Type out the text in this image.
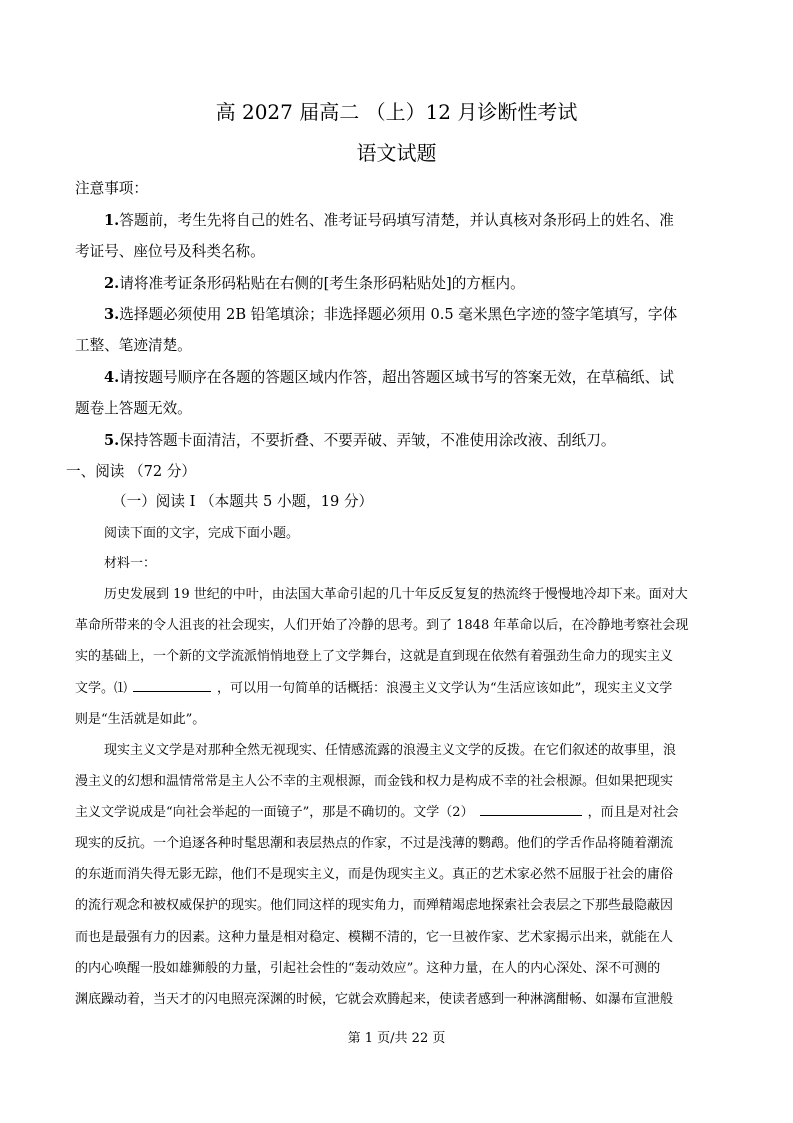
高 2027 届高二 （上）12 月诊断性考试
语文试题
注意事项：
1.答题前，考生先将自己的姓名、准考证号码填写清楚，并认真核对条形码上的姓名、准
考证号、座位号及科类名称。
2.请将准考证条形码粘贴在右侧的[考生条形码粘贴处]的方框内。
3.选择题必须使用 2B 铅笔填涂；非选择题必须用 0.5 毫米黑色字迹的签字笔填写，字体
工整、笔迹清楚。
4.请按题号顺序在各题的答题区域内作答，超出答题区域书写的答案无效，在草稿纸、试
题卷上答题无效。
5.保持答题卡面清洁，不要折叠、不要弄破、弄皱，不准使用涂改液、刮纸刀。
一、阅读 （72 分）
（一）阅读 I （本题共 5 小题，19 分）
阅读下面的文字，完成下面小题。
材料一：
历史发展到 19 世纪的中叶，由法国大革命引起的几十年反反复复的热流终于慢慢地冷却下来。面对大
革命所带来的令人沮丧的社会现实，人们开始了冷静的思考。到了 1848 年革命以后，在冷静地考察社会现
实的基础上，一个新的文学流派悄悄地登上了文学舞台，这就是直到现在依然有着强劲生命力的现实主义
文学。⑴	，可以用一句简单的话概括：浪漫主义文学认为“生活应该如此”，现实主义文学
则是“生活就是如此”。
现实主义文学是对那种全然无视现实、任情感流露的浪漫主义文学的反拨。在它们叙述的故事里，浪
漫主义的幻想和温情常常是主人公不幸的主观根源，而金钱和权力是构成不幸的社会根源。但如果把现实
主义文学说成是“向社会举起的一面镜子”，那是不确切的。文学（2）	，而且是对社会
现实的反抗。一个追逐各种时髦思潮和表层热点的作家，不过是浅薄的鹦鹉。他们的学舌作品将随着潮流
的东逝而消失得无影无踪，他们不是现实主义，而是伪现实主义。真正的艺术家必然不屈服于社会的庸俗
的流行观念和被权威保护的现实。他们同这样的现实角力，而殚精竭虑地探索社会表层之下那些最隐蔽因
而也是最强有力的因素。这种力量是相对稳定、模糊不清的，它一旦被作家、艺术家揭示出来，就能在人
的内心唤醒一股如雄狮般的力量，引起社会性的“轰动效应”。这种力量，在人的内心深处、深不可测的
渊底躁动着，当天才的闪电照亮深渊的时候，它就会欢腾起来，使读者感到一种淋漓酣畅、如瀑布宣泄般
第 1 页/共 22 页
